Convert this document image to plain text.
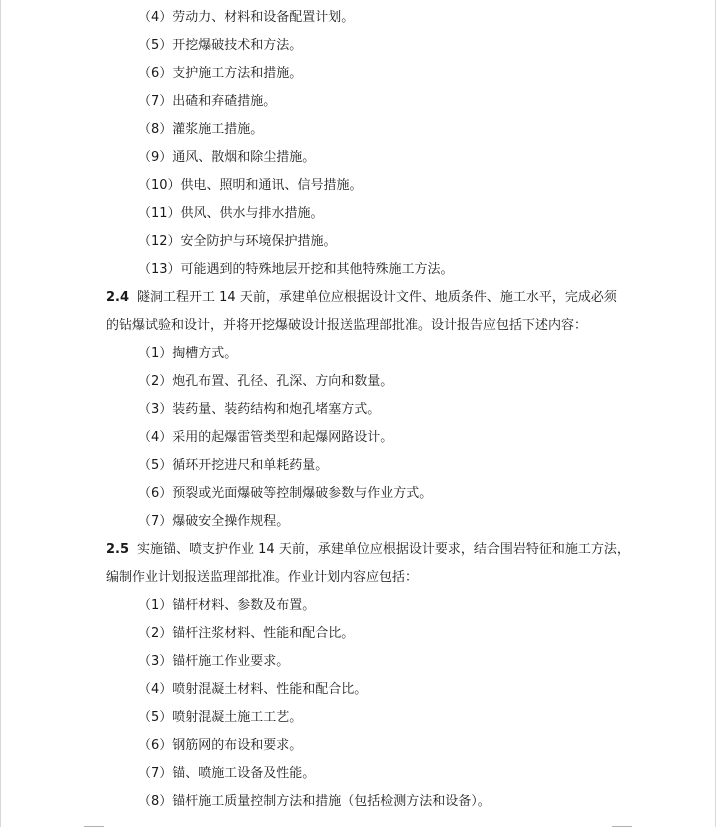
（4）劳动力、材料和设备配置计划。
（5）开挖爆破技术和方法。
（6）支护施工方法和措施。
（7）出碴和弃碴措施。
（8）灌浆施工措施。
（9）通风、散烟和除尘措施。
（10）供电、照明和通讯、信号措施。
（11）供风、供水与排水措施。
（12）安全防护与环境保护措施。
（13）可能遇到的特殊地层开挖和其他特殊施工方法。
2.4 隧洞工程开工 14 天前，承建单位应根据设计文件、地质条件、施工水平，完成必须
的钻爆试验和设计，并将开挖爆破设计报送监理部批准。设计报告应包括下述内容：
（1）掏槽方式。
（2）炮孔布置、孔径、孔深、方向和数量。
（3）装药量、装药结构和炮孔堵塞方式。
（4）采用的起爆雷管类型和起爆网路设计。
（5）循环开挖进尺和单耗药量。
（6）预裂或光面爆破等控制爆破参数与作业方式。
（7）爆破安全操作规程。
2.5 实施锚、喷支护作业 14 天前，承建单位应根据设计要求，结合围岩特征和施工方法，
编制作业计划报送监理部批准。作业计划内容应包括：
（1）锚杆材料、参数及布置。
（2）锚杆注浆材料、性能和配合比。
（3）锚杆施工作业要求。
（4）喷射混凝土材料、性能和配合比。
（5）喷射混凝土施工工艺。
（6）钢筋网的布设和要求。
（7）锚、喷施工设备及性能。
（8）锚杆施工质量控制方法和措施（包括检测方法和设备）。
